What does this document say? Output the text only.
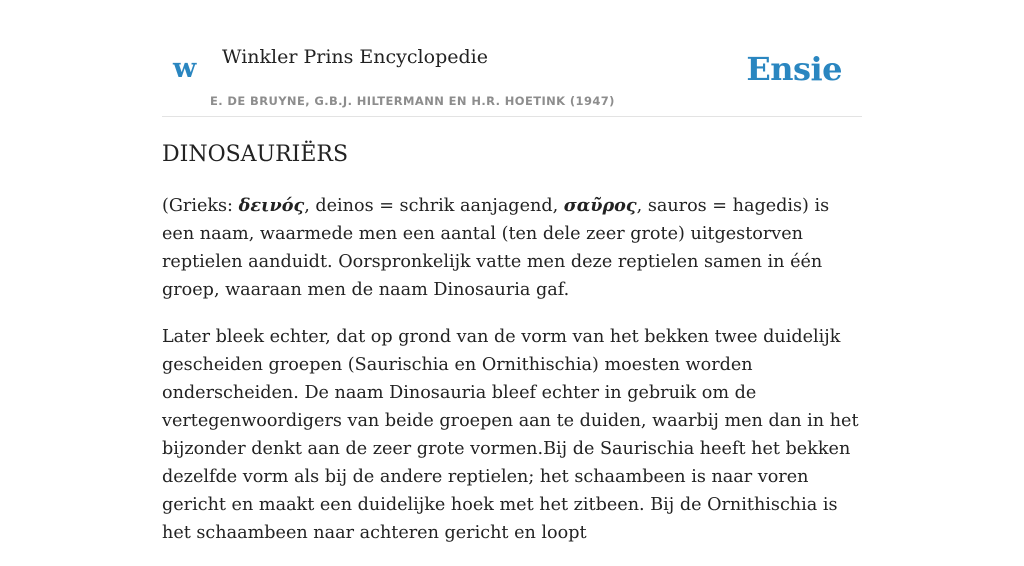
w Winkler Prins Encyclopedie
E. DE BRUYNE, G.B.J. HILTERMANN EN H.R. HOETINK (1947)
Ensie
DINOSAURIËRS

(Grieks: δεινός, deinos = schrik aanjagend, σαῦρος, sauros = hagedis) is een naam, waarmede men een aantal (ten dele zeer grote) uitgestorven reptielen aanduidt. Oorspronkelijk vatte men deze reptielen samen in één groep, waaraan men de naam Dinosauria gaf.

Later bleek echter, dat op grond van de vorm van het bekken twee duidelijk gescheiden groepen (Saurischia en Ornithischia) moesten worden onderscheiden. De naam Dinosauria bleef echter in gebruik om de vertegenwoordigers van beide groepen aan te duiden, waarbij men dan in het bijzonder denkt aan de zeer grote vormen.Bij de Saurischia heeft het bekken dezelfde vorm als bij de andere reptielen; het schaambeen is naar voren gericht en maakt een duidelijke hoek met het zitbeen. Bij de Ornithischia is het schaambeen naar achteren gericht en loopt
